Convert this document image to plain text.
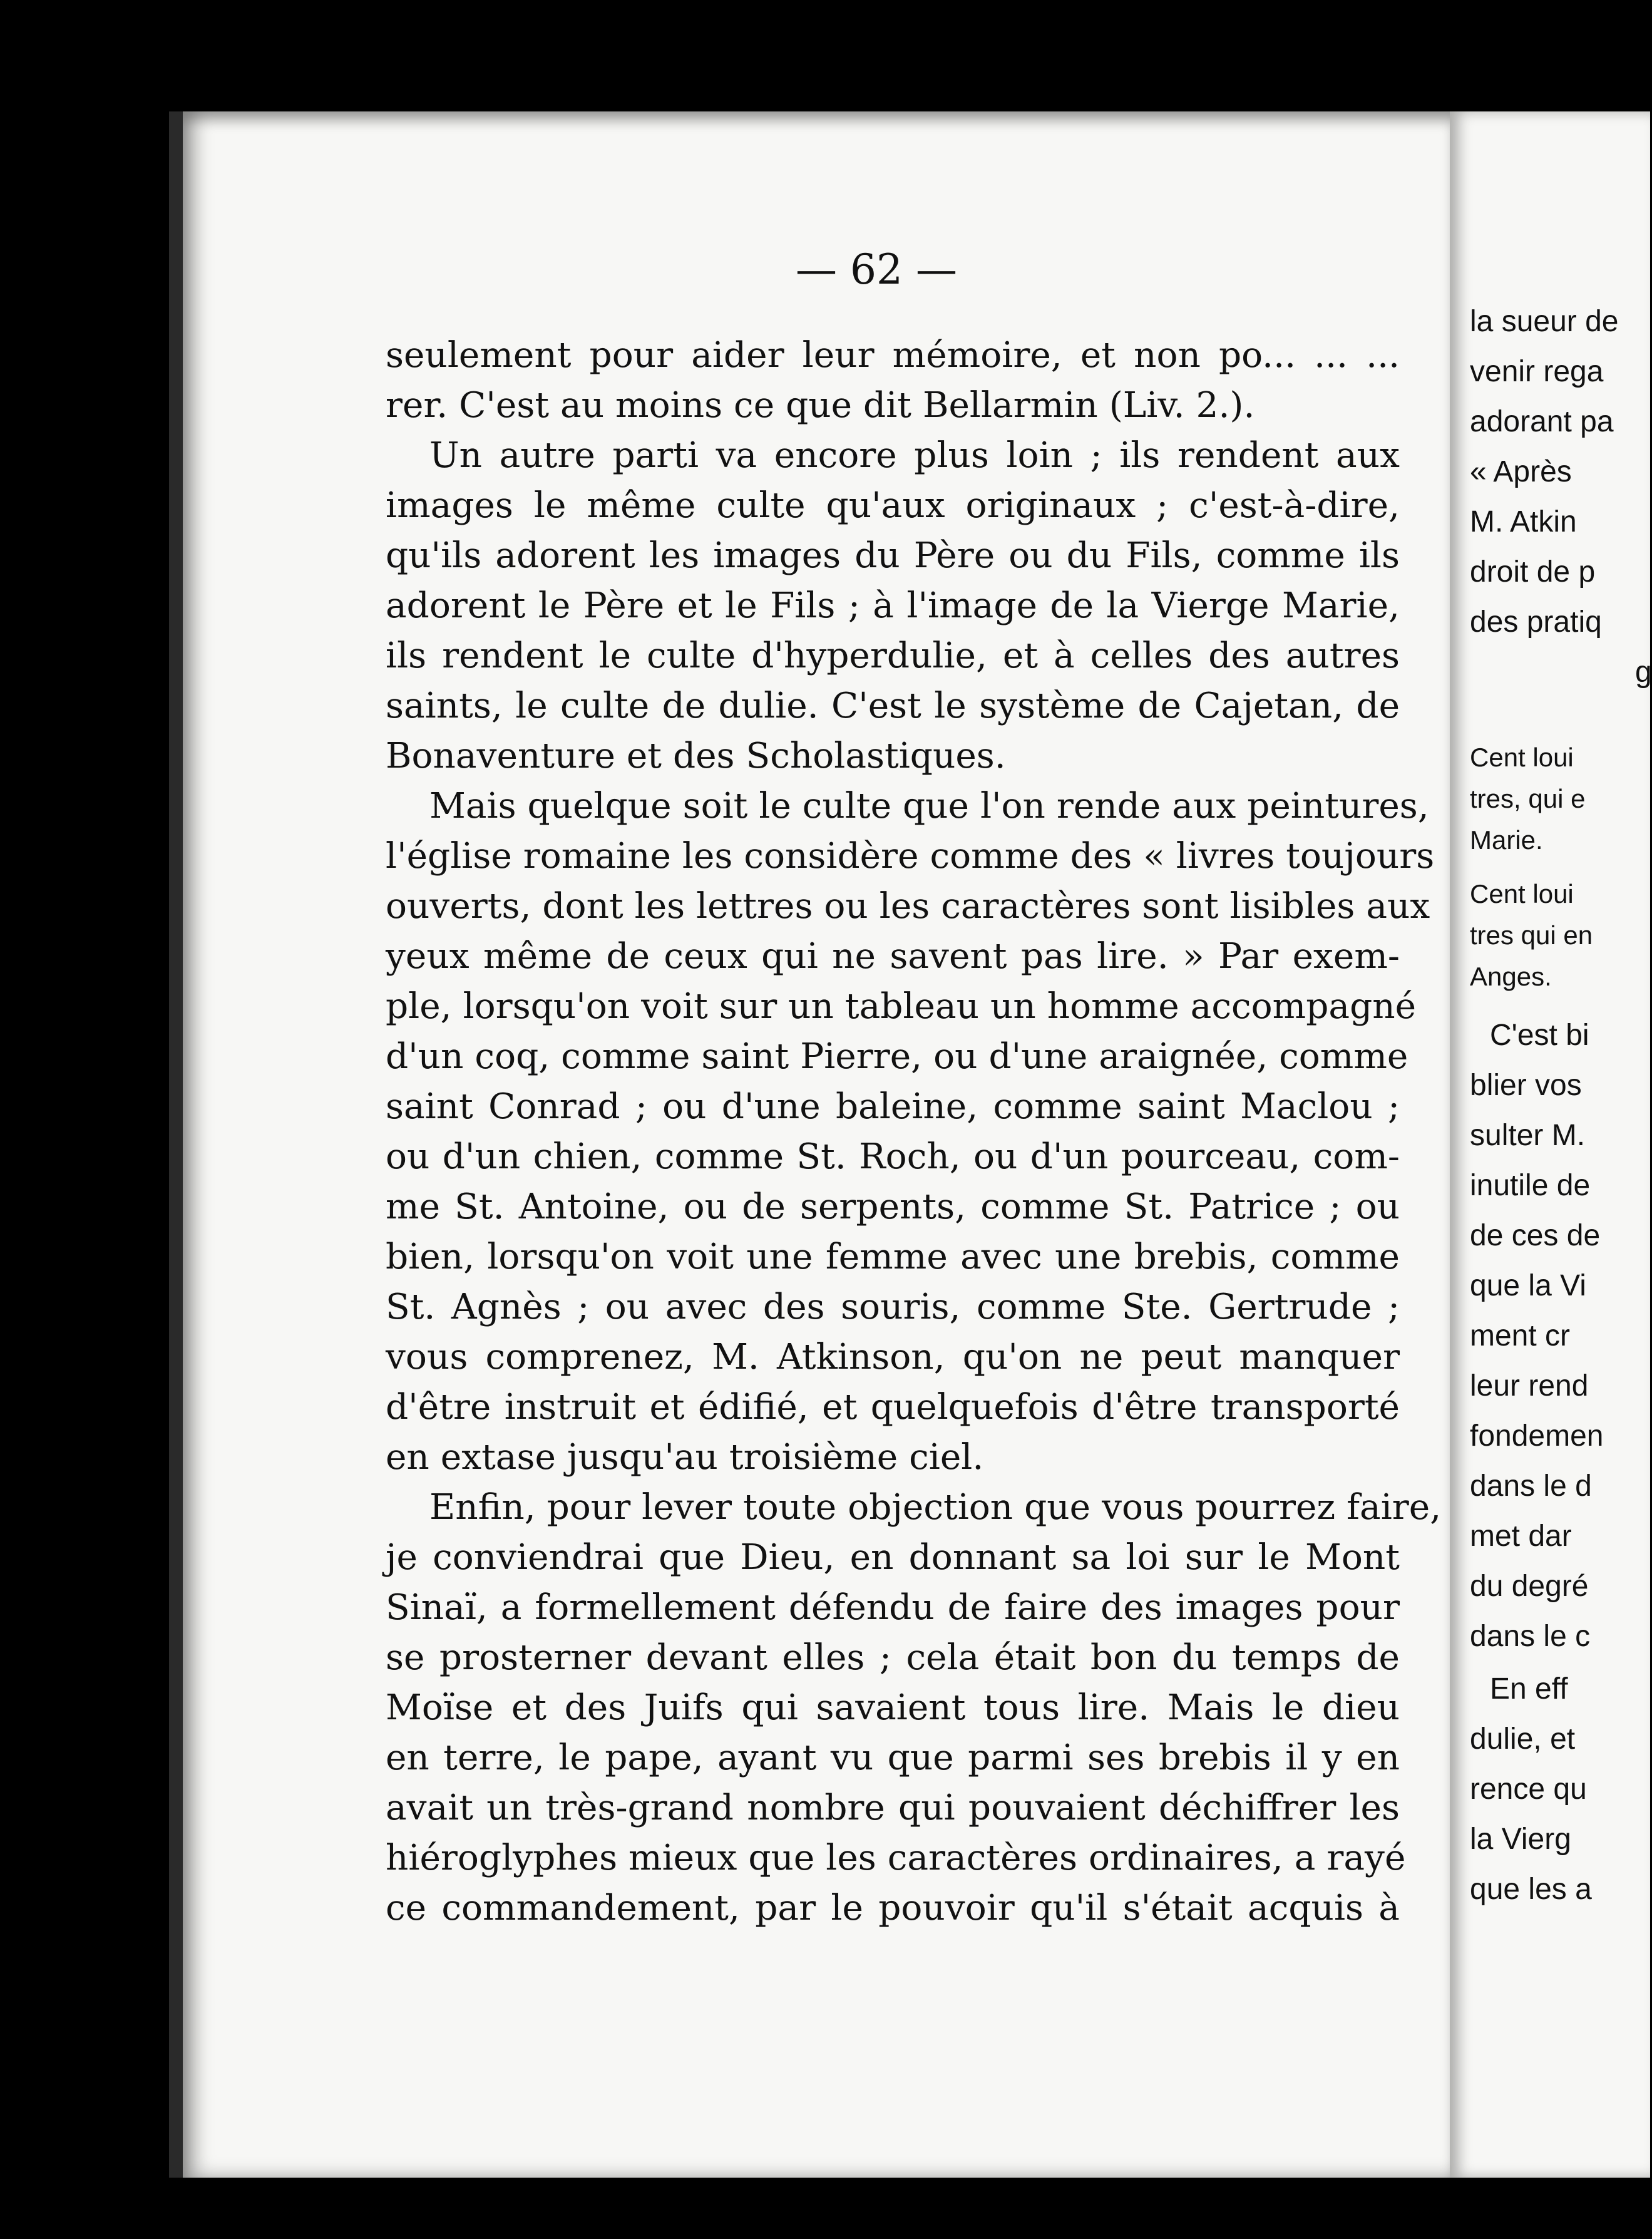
— 62 —
seulement pour aider leur mémoire, et non po... ... ...
rer. C'est au moins ce que dit Bellarmin (Liv. 2.).
Un autre parti va encore plus loin ; ils rendent aux
images le même culte qu'aux originaux ; c'est-à-dire,
qu'ils adorent les images du Père ou du Fils, comme ils
adorent le Père et le Fils ; à l'image de la Vierge Marie,
ils rendent le culte d'hyperdulie, et à celles des autres
saints, le culte de dulie. C'est le système de Cajetan, de
Bonaventure et des Scholastiques.
Mais quelque soit le culte que l'on rende aux peintures,
l'église romaine les considère comme des « livres toujours
ouverts, dont les lettres ou les caractères sont lisibles aux
yeux même de ceux qui ne savent pas lire. » Par exem-
ple, lorsqu'on voit sur un tableau un homme accompagné
d'un coq, comme saint Pierre, ou d'une araignée, comme
saint Conrad ; ou d'une baleine, comme saint Maclou ;
ou d'un chien, comme St. Roch, ou d'un pourceau, com-
me St. Antoine, ou de serpents, comme St. Patrice ; ou
bien, lorsqu'on voit une femme avec une brebis, comme
St. Agnès ; ou avec des souris, comme Ste. Gertrude ;
vous comprenez, M. Atkinson, qu'on ne peut manquer
d'être instruit et édifié, et quelquefois d'être transporté
en extase jusqu'au troisième ciel.
Enfin, pour lever toute objection que vous pourrez faire,
je conviendrai que Dieu, en donnant sa loi sur le Mont
Sinaï, a formellement défendu de faire des images pour
se prosterner devant elles ; cela était bon du temps de
Moïse et des Juifs qui savaient tous lire. Mais le dieu
en terre, le pape, ayant vu que parmi ses brebis il y en
avait un très-grand nombre qui pouvaient déchiffrer les
hiéroglyphes mieux que les caractères ordinaires, a rayé
ce commandement, par le pouvoir qu'il s'était acquis à
la sueur de
venir rega
adorant pa
« Après
M. Atkin
droit de p
des pratiq
g
Cent loui
tres, qui e
Marie.
Cent loui
tres qui en
Anges.
C'est bi
blier vos
sulter M.
inutile de
de ces de
que la Vi
ment cr
leur rend
fondemen
dans le d
met dar
du degré
dans le c
En eff
dulie, et
rence qu
la Vierg
que les a
